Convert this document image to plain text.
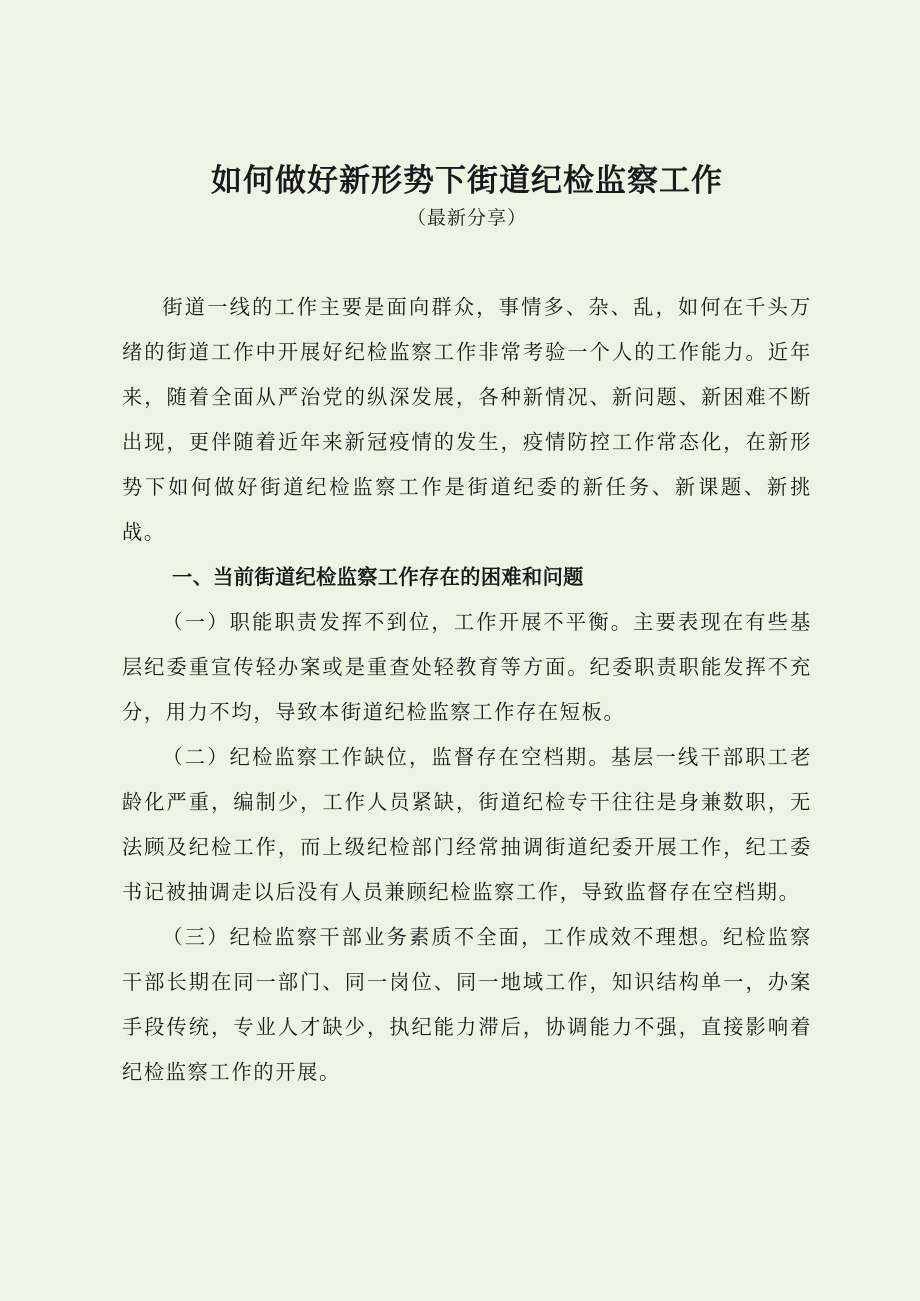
如何做好新形势下街道纪检监察工作
（最新分享）

街道一线的工作主要是面向群众，事情多、杂、乱，如何在千头万绪的街道工作中开展好纪检监察工作非常考验一个人的工作能力。近年来，随着全面从严治党的纵深发展，各种新情况、新问题、新困难不断出现，更伴随着近年来新冠疫情的发生，疫情防控工作常态化，在新形势下如何做好街道纪检监察工作是街道纪委的新任务、新课题、新挑战。

一、当前街道纪检监察工作存在的困难和问题

（一）职能职责发挥不到位，工作开展不平衡。主要表现在有些基层纪委重宣传轻办案或是重查处轻教育等方面。纪委职责职能发挥不充分，用力不均，导致本街道纪检监察工作存在短板。

（二）纪检监察工作缺位，监督存在空档期。基层一线干部职工老龄化严重，编制少，工作人员紧缺，街道纪检专干往往是身兼数职，无法顾及纪检工作，而上级纪检部门经常抽调街道纪委开展工作，纪工委书记被抽调走以后没有人员兼顾纪检监察工作，导致监督存在空档期。

（三）纪检监察干部业务素质不全面，工作成效不理想。纪检监察干部长期在同一部门、同一岗位、同一地域工作，知识结构单一，办案手段传统，专业人才缺少，执纪能力滞后，协调能力不强，直接影响着纪检监察工作的开展。
